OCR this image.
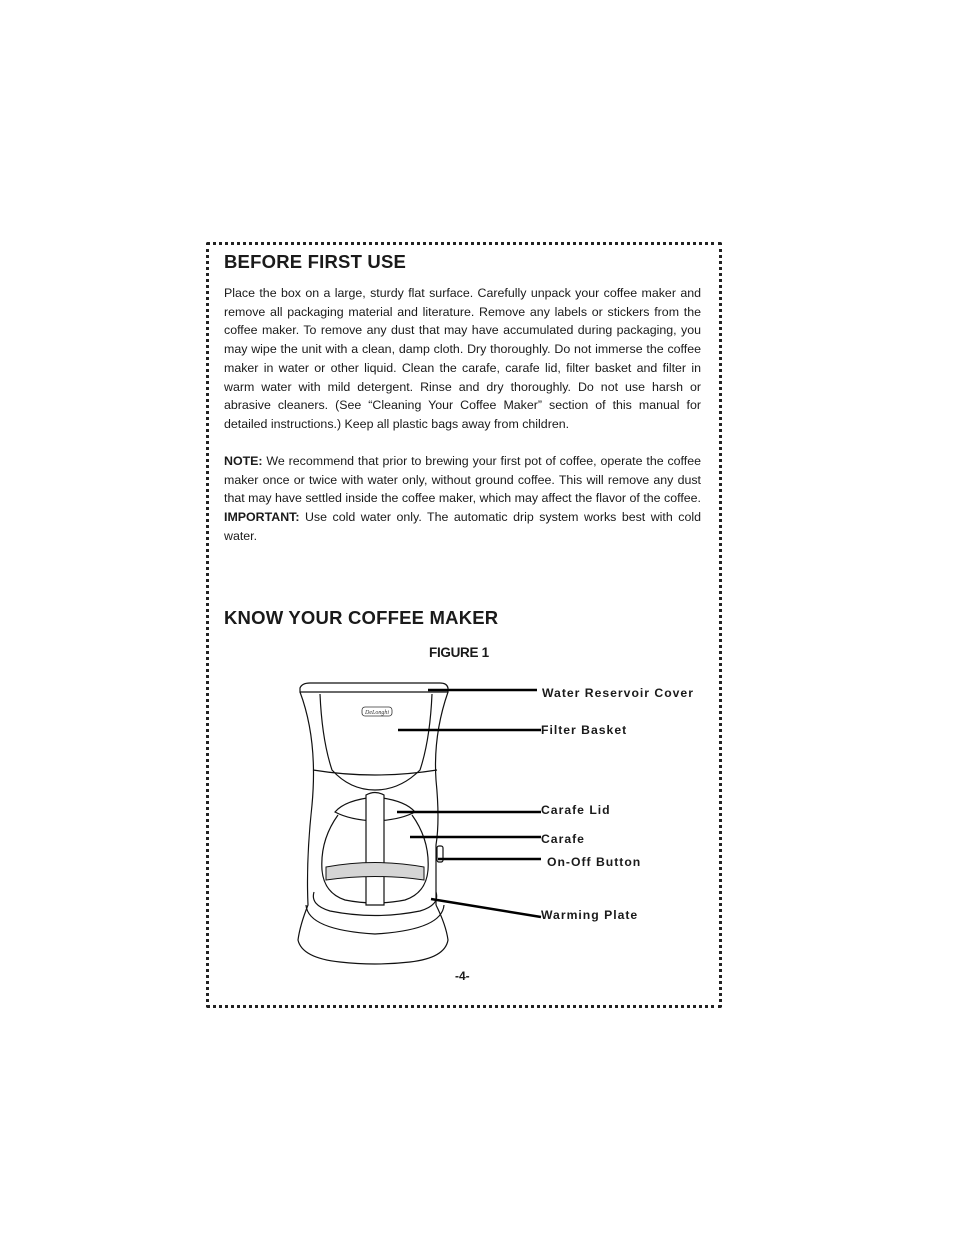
BEFORE FIRST USE

Place the box on a large, sturdy flat surface. Carefully unpack your coffee maker and remove all packaging material and literature. Remove any labels or stickers from the coffee maker. To remove any dust that may have accumulated during packaging, you may wipe the unit with a clean, damp cloth. Dry thoroughly. Do not immerse the coffee maker in water or other liquid. Clean the carafe, carafe lid, filter basket and filter in warm water with mild detergent. Rinse and dry thoroughly. Do not use harsh or abrasive cleaners. (See “Cleaning Your Coffee Maker” section of this manual for detailed instructions.) Keep all plastic bags away from children.

NOTE: We recommend that prior to brewing your first pot of coffee, operate the coffee maker once or twice with water only, without ground coffee. This will remove any dust that may have settled inside the coffee maker, which may affect the flavor of the coffee. IMPORTANT: Use cold water only. The automatic drip system works best with cold water.

KNOW YOUR COFFEE MAKER
FIGURE 1
DeLonghi
Water Reservoir Cover
Filter Basket
Carafe Lid
Carafe
On-Off Button
Warming Plate
-4-
